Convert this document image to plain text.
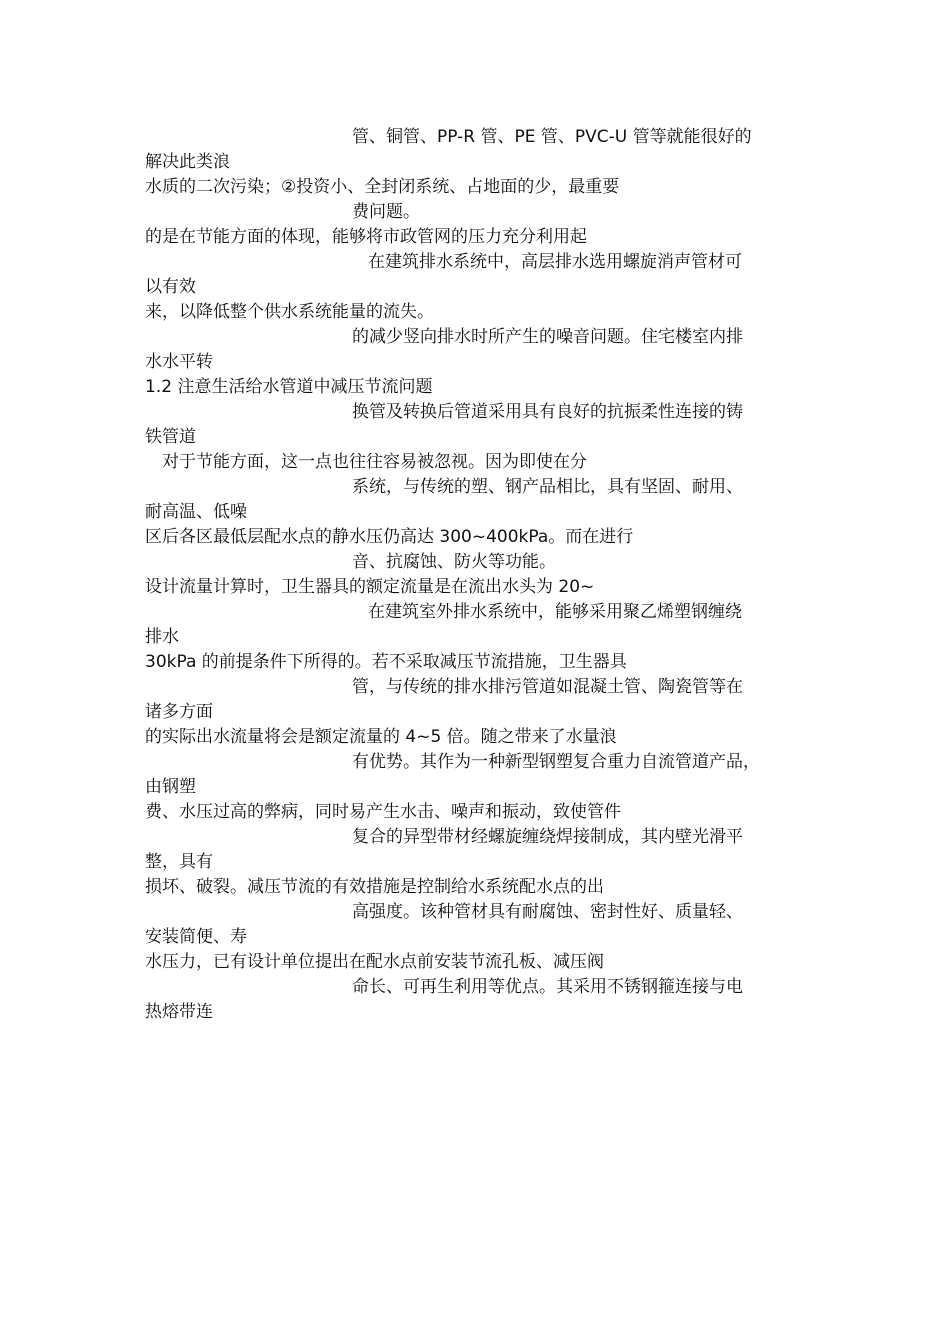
管、铜管、PP-R 管、PE 管、PVC-U 管等就能很好的
解决此类浪
水质的二次污染；②投资小、全封闭系统、占地面的少，最重要
费问题。
的是在节能方面的体现，能够将市政管网的压力充分利用起
在建筑排水系统中，高层排水选用螺旋消声管材可
以有效
来，以降低整个供水系统能量的流失。
的减少竖向排水时所产生的噪音问题。住宅楼室内排
水水平转
1.2 注意生活给水管道中减压节流问题
换管及转换后管道采用具有良好的抗振柔性连接的铸
铁管道
对于节能方面，这一点也往往容易被忽视。因为即使在分
系统，与传统的塑、钢产品相比，具有坚固、耐用、
耐高温、低噪
区后各区最低层配水点的静水压仍高达 300~400kPa。而在进行
音、抗腐蚀、防火等功能。
设计流量计算时，卫生器具的额定流量是在流出水头为 20~
在建筑室外排水系统中，能够采用聚乙烯塑钢缠绕
排水
30kPa 的前提条件下所得的。若不采取减压节流措施，卫生器具
管，与传统的排水排污管道如混凝土管、陶瓷管等在
诸多方面
的实际出水流量将会是额定流量的 4~5 倍。随之带来了水量浪
有优势。其作为一种新型钢塑复合重力自流管道产品，
由钢塑
费、水压过高的弊病，同时易产生水击、噪声和振动，致使管件
复合的异型带材经螺旋缠绕焊接制成，其内壁光滑平
整，具有
损坏、破裂。减压节流的有效措施是控制给水系统配水点的出
高强度。该种管材具有耐腐蚀、密封性好、质量轻、
安装简便、寿
水压力，已有设计单位提出在配水点前安装节流孔板、减压阀
命长、可再生利用等优点。其采用不锈钢箍连接与电
热熔带连
